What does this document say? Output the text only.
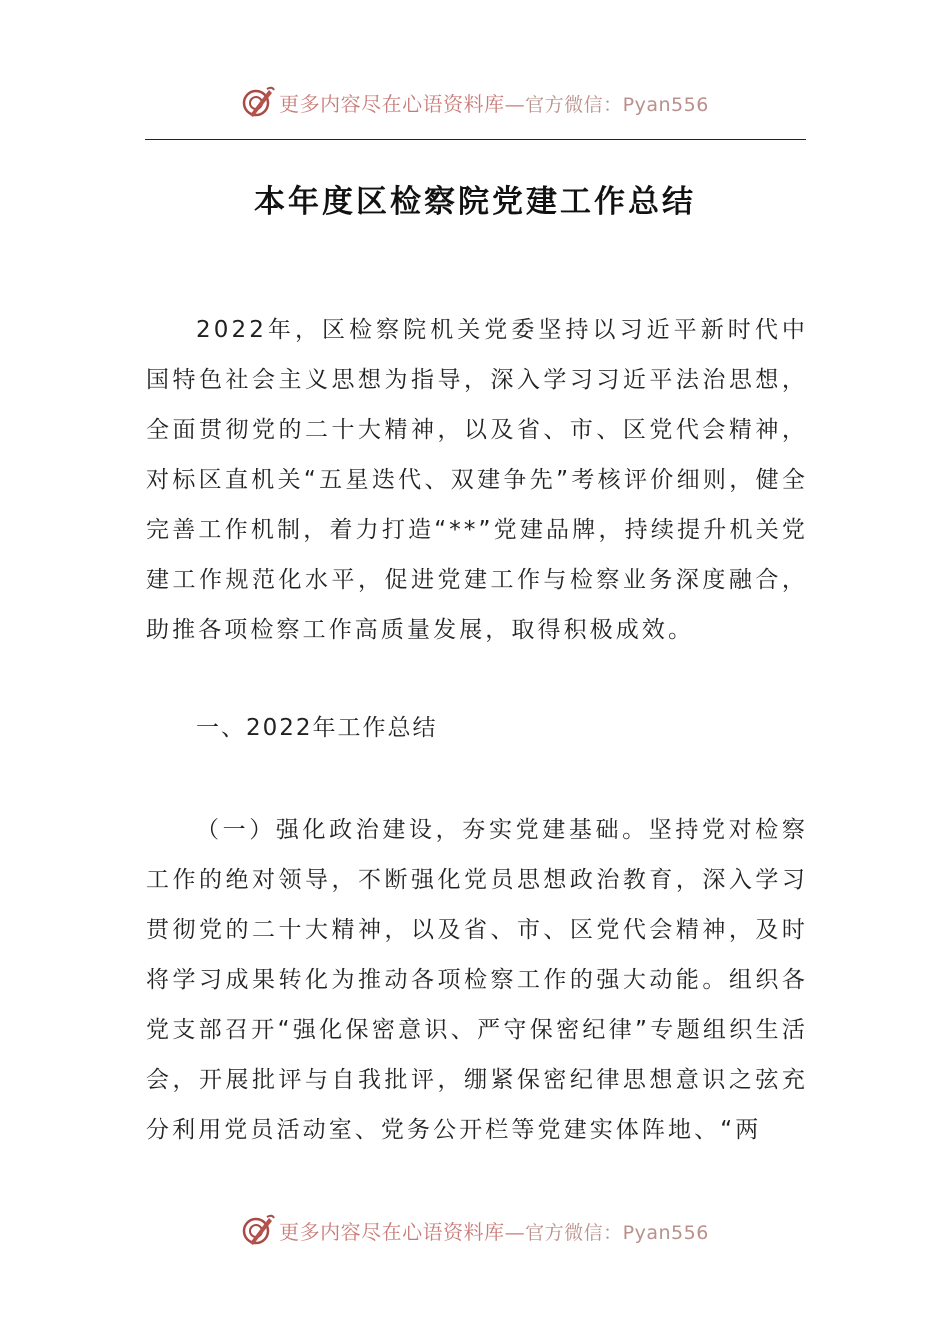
更多内容尽在心语资料库—官方微信：Pyan556
本年度区检察院党建工作总结

2022年，区检察院机关党委坚持以习近平新时代中国特色社会主义思想为指导，深入学习习近平法治思想，全面贯彻党的二十大精神，以及省、市、区党代会精神，对标区直机关“五星迭代、双建争先”考核评价细则，健全完善工作机制，着力打造“**”党建品牌，持续提升机关党建工作规范化水平，促进党建工作与检察业务深度融合，助推各项检察工作高质量发展，取得积极成效。

一、2022年工作总结

（一）强化政治建设，夯实党建基础。坚持党对检察工作的绝对领导，不断强化党员思想政治教育，深入学习贯彻党的二十大精神，以及省、市、区党代会精神，及时将学习成果转化为推动各项检察工作的强大动能。组织各党支部召开“强化保密意识、严守保密纪律”专题组织生活会，开展批评与自我批评，绷紧保密纪律思想意识之弦充分利用党员活动室、党务公开栏等党建实体阵地、“两

更多内容尽在心语资料库—官方微信：Pyan556
